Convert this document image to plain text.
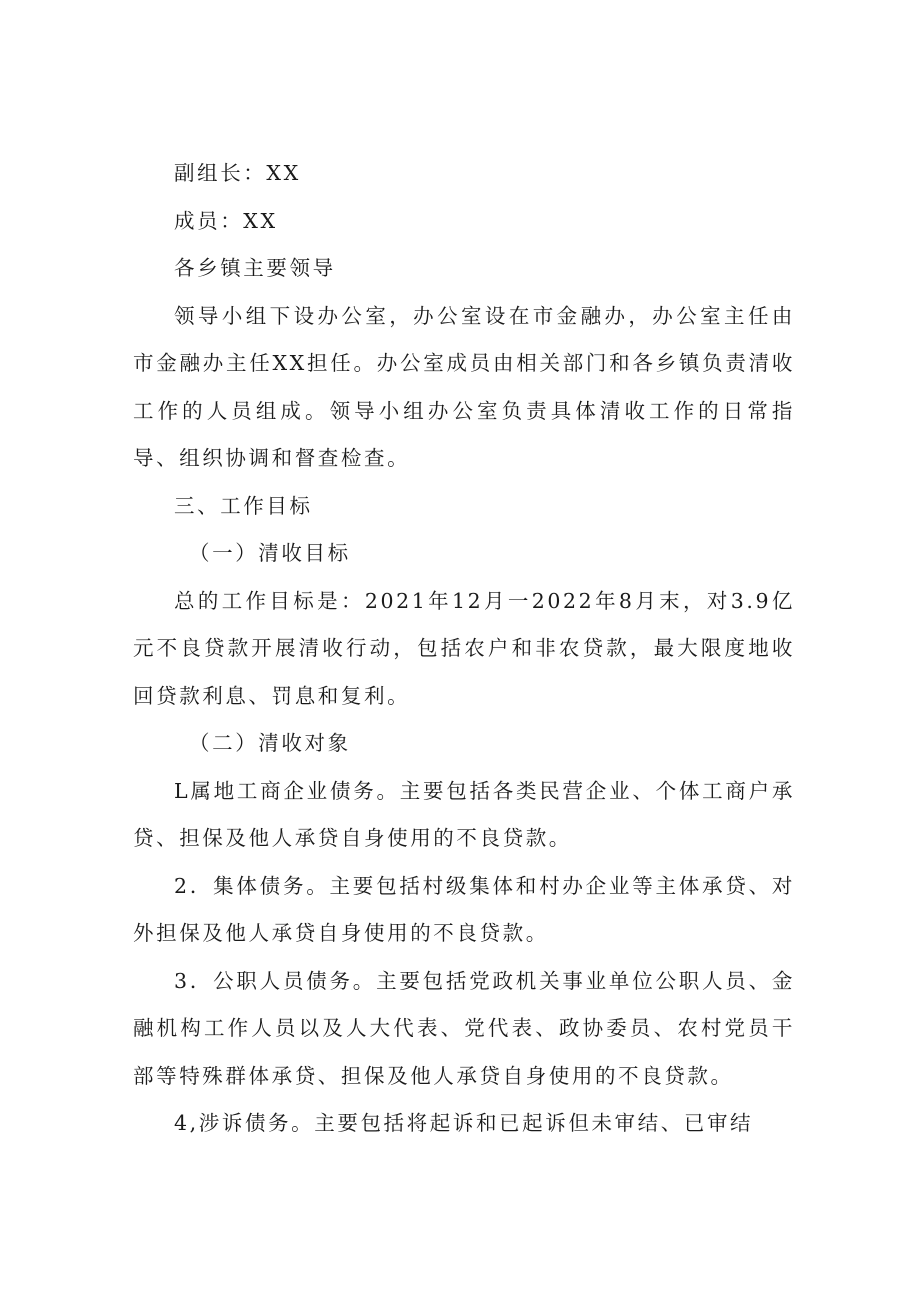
副组长：XX

成员：XX

各乡镇主要领导

领导小组下设办公室，办公室设在市金融办，办公室主任由市金融办主任XX担任。办公室成员由相关部门和各乡镇负责清收工作的人员组成。领导小组办公室负责具体清收工作的日常指导、组织协调和督查检查。

三、工作目标

（一）清收目标

总的工作目标是：2021年12月一2022年8月末，对3.9亿元不良贷款开展清收行动，包括农户和非农贷款，最大限度地收回贷款利息、罚息和复利。

（二）清收对象

L属地工商企业债务。主要包括各类民营企业、个体工商户承贷、担保及他人承贷自身使用的不良贷款。

2．集体债务。主要包括村级集体和村办企业等主体承贷、对外担保及他人承贷自身使用的不良贷款。

3．公职人员债务。主要包括党政机关事业单位公职人员、金融机构工作人员以及人大代表、党代表、政协委员、农村党员干部等特殊群体承贷、担保及他人承贷自身使用的不良贷款。

4,涉诉债务。主要包括将起诉和已起诉但未审结、已审结
